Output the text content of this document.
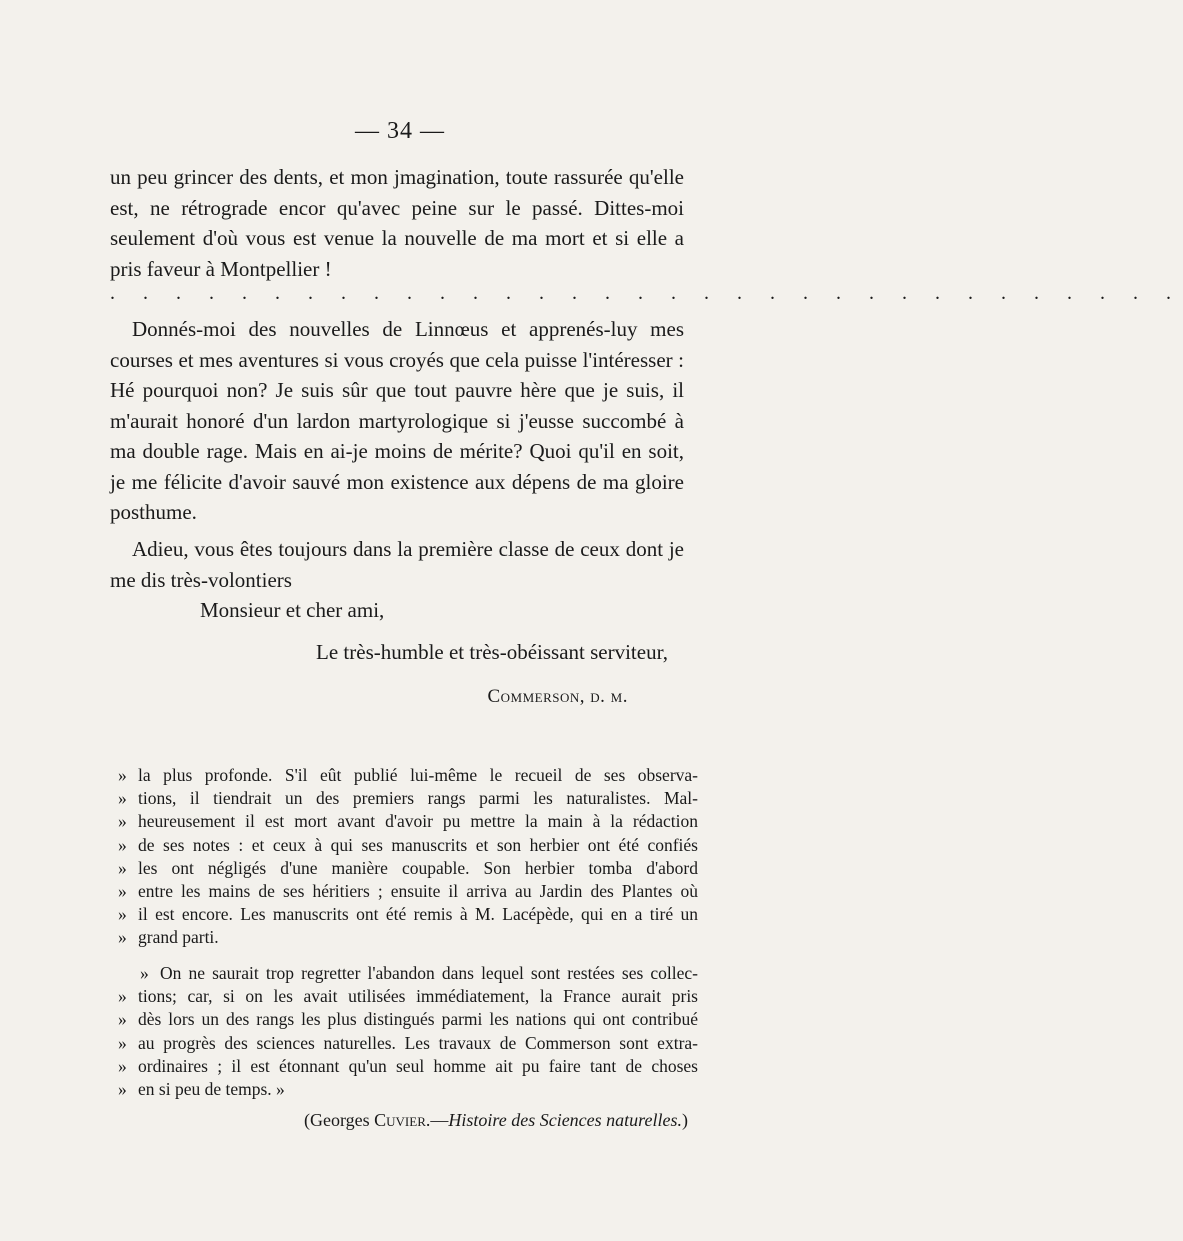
— 34 —

un peu grincer des dents, et mon jmagination, toute rassurée qu'elle est, ne rétrograde encor qu'avec peine sur le passé. Dittes-moi seulement d'où vous est venue la nouvelle de ma mort et si elle a pris faveur à Montpellier !

. . . . . . . . . . . . . . . . . . . . . . . . . . . . . . . . .

Donnés-moi des nouvelles de Linnœus et apprenés-luy mes courses et mes aventures si vous croyés que cela puisse l'intéresser : Hé pourquoi non? Je suis sûr que tout pauvre hère que je suis, il m'aurait honoré d'un lardon martyrologique si j'eusse succombé à ma double rage. Mais en ai-je moins de mérite? Quoi qu'il en soit, je me félicite d'avoir sauvé mon existence aux dépens de ma gloire posthume.

Adieu, vous êtes toujours dans la première classe de ceux dont je me dis très-volontiers

Monsieur et cher ami,
Le très-humble et très-obéissant serviteur,
Commerson, d. m.
» la plus profonde. S'il eût publié lui-même le recueil de ses observa-
» tions, il tiendrait un des premiers rangs parmi les naturalistes. Mal-
» heureusement il est mort avant d'avoir pu mettre la main à la rédaction
» de ses notes : et ceux à qui ses manuscrits et son herbier ont été confiés
» les ont négligés d'une manière coupable. Son herbier tomba d'abord
» entre les mains de ses héritiers ; ensuite il arriva au Jardin des Plantes où
» il est encore. Les manuscrits ont été remis à M. Lacépède, qui en a tiré un
» grand parti.
» On ne saurait trop regretter l'abandon dans lequel sont restées ses collec-
» tions; car, si on les avait utilisées immédiatement, la France aurait pris
» dès lors un des rangs les plus distingués parmi les nations qui ont contribué
» au progrès des sciences naturelles. Les travaux de Commerson sont extra-
» ordinaires ; il est étonnant qu'un seul homme ait pu faire tant de choses
» en si peu de temps. »
(Georges Cuvier.—Histoire des Sciences naturelles.)
